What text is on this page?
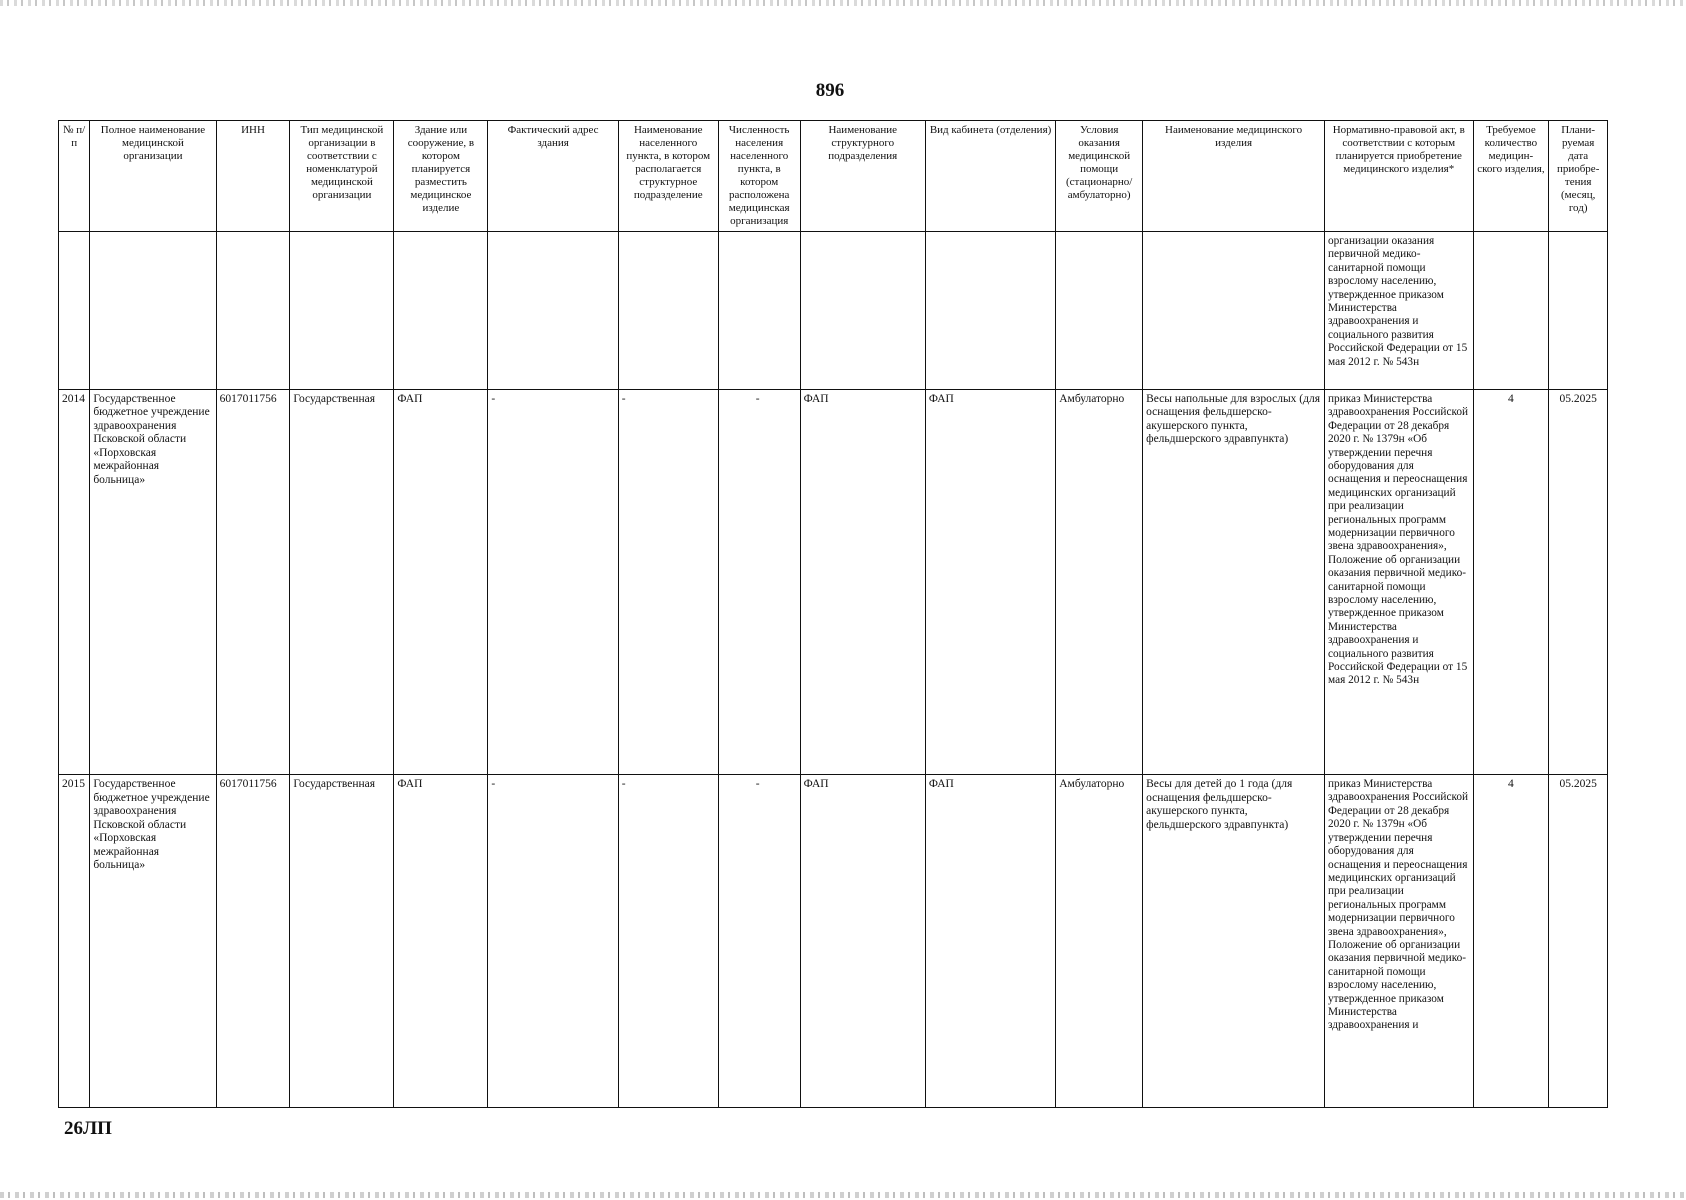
896
№ п/п	Полное наименование медицинской организации	ИНН	Тип медицинской организации в соответствии с номенклатурой медицинской организации	Здание или сооружение, в котором планируется разместить медицинское изделие	Фактический адрес здания	Наименование населенного пункта, в котором располагается структурное подразделение	Численность населения населенного пункта, в котором расположена медицинская организация	Наименование структурного подразделения	Вид кабинета (отделения)	Условия оказания медицинской помощи (стационарно/ амбулаторно)	Наименование медицинского изделия	Нормативно-правовой акт, в соответствии с которым планируется приобретение медицинского изделия*	Требуемое количество медицин- ского изделия,	Плани- руемая дата приобре- тения (месяц, год)
												организации оказания первичной медико-санитарной помощи взрослому населению, утвержденное приказом Министерства здравоохранения и социального развития Российской Федерации от 15 мая 2012 г. № 543н		
2014	Государственное бюджетное учреждение здравоохранения Псковской области «Порховская межрайонная больница»	6017011756	Государственная	ФАП	-	-	-	ФАП	ФАП	Амбулаторно	Весы напольные для взрослых (для оснащения фельдшерско-акушерского пункта, фельдшерского здравпункта)	приказ Министерства здравоохранения Российской Федерации от 28 декабря 2020 г. № 1379н «Об утверждении перечня оборудования для оснащения и переоснащения медицинских организаций при реализации региональных программ модернизации первичного звена здравоохранения», Положение об организации оказания первичной медико-санитарной помощи взрослому населению, утвержденное приказом Министерства здравоохранения и социального развития Российской Федерации от 15 мая 2012 г. № 543н	4	05.2025
2015	Государственное бюджетное учреждение здравоохранения Псковской области «Порховская межрайонная больница»	6017011756	Государственная	ФАП	-	-	-	ФАП	ФАП	Амбулаторно	Весы для детей до 1 года (для оснащения фельдшерско-акушерского пункта, фельдшерского здравпункта)	приказ Министерства здравоохранения Российской Федерации от 28 декабря 2020 г. № 1379н «Об утверждении перечня оборудования для оснащения и переоснащения медицинских организаций при реализации региональных программ модернизации первичного звена здравоохранения», Положение об организации оказания первичной медико-санитарной помощи взрослому населению, утвержденное приказом Министерства здравоохранения и	4	05.2025
26ЛП
